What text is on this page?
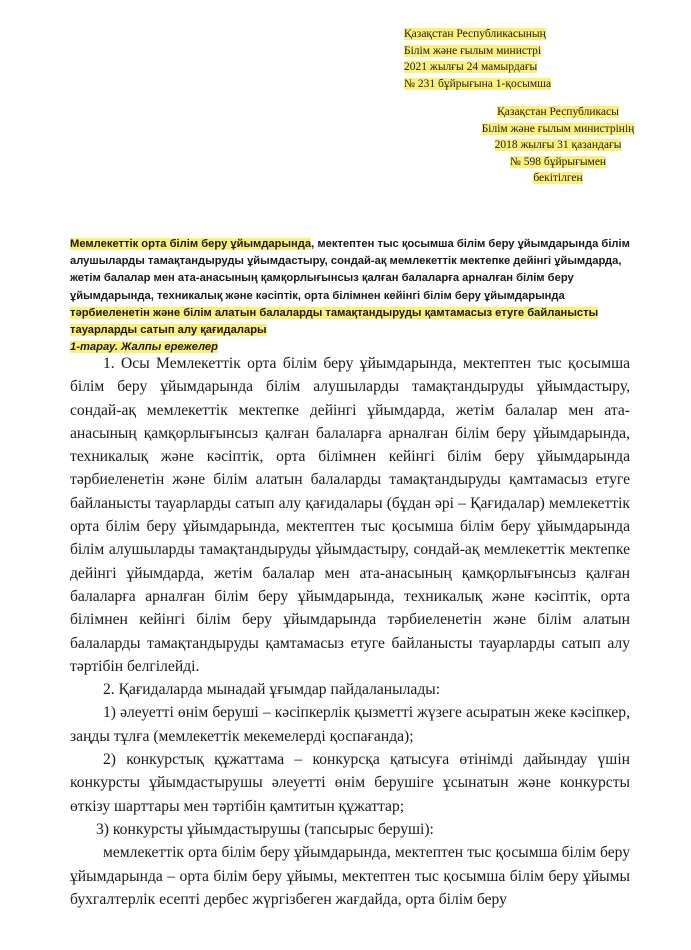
Қазақстан Республикасының
Білім және ғылым министрі
2021 жылғы 24 мамырдағы
№ 231 бұйрығына 1-қосымша
Қазақстан Республикасы
Білім және ғылым министрінің
2018 жылғы 31 қазандағы
№ 598 бұйрығымен
бекітілген

Мемлекеттік орта білім беру ұйымдарында, мектептен тыс қосымша білім беру ұйымдарында білім алушыларды тамақтандыруды ұйымдастыру, сондай-ақ мемлекеттік мектепке дейінгі ұйымдарда, жетім балалар мен ата-анасының қамқорлығынсыз қалған балаларға арналған білім беру ұйымдарында, техникалық және кәсіптік, орта білімнен кейінгі білім беру ұйымдарында тәрбиеленетін және білім алатын балаларды тамақтандыруды қамтамасыз етуге байланысты тауарларды сатып алу қағидалары

1-тарау. Жалпы ережелер

1. Осы Мемлекеттік орта білім беру ұйымдарында, мектептен тыс қосымша білім беру ұйымдарында білім алушыларды тамақтандыруды ұйымдастыру, сондай-ақ мемлекеттік мектепке дейінгі ұйымдарда, жетім балалар мен ата-анасының қамқорлығынсыз қалған балаларға арналған білім беру ұйымдарында, техникалық және кәсіптік, орта білімнен кейінгі білім беру ұйымдарында тәрбиеленетін және білім алатын балаларды тамақтандыруды қамтамасыз етуге байланысты тауарларды сатып алу қағидалары (бұдан әрі – Қағидалар) мемлекеттік орта білім беру ұйымдарында, мектептен тыс қосымша білім беру ұйымдарында білім алушыларды тамақтандыруды ұйымдастыру, сондай-ақ мемлекеттік мектепке дейінгі ұйымдарда, жетім балалар мен ата-анасының қамқорлығынсыз қалған балаларға арналған білім беру ұйымдарында, техникалық және кәсіптік, орта білімнен кейінгі білім беру ұйымдарында тәрбиеленетін және білім алатын балаларды тамақтандыруды қамтамасыз етуге байланысты тауарларды сатып алу тәртібін белгілейді.

2. Қағидаларда мынадай ұғымдар пайдаланылады:

1) әлеуетті өнім беруші – кәсіпкерлік қызметті жүзеге асыратын жеке кәсіпкер, заңды тұлға (мемлекеттік мекемелерді қоспағанда);

2) конкурстық құжаттама – конкурсқа қатысуға өтінімді дайындау үшін конкурсты ұйымдастырушы әлеуетті өнім берушіге ұсынатын және конкурсты өткізу шарттары мен тәртібін қамтитын құжаттар;

3) конкурсты ұйымдастырушы (тапсырыс беруші):

мемлекеттік орта білім беру ұйымдарында, мектептен тыс қосымша білім беру ұйымдарында – орта білім беру ұйымы, мектептен тыс қосымша білім беру ұйымы бухгалтерлік есепті дербес жүргізбеген жағдайда, орта білім беру
